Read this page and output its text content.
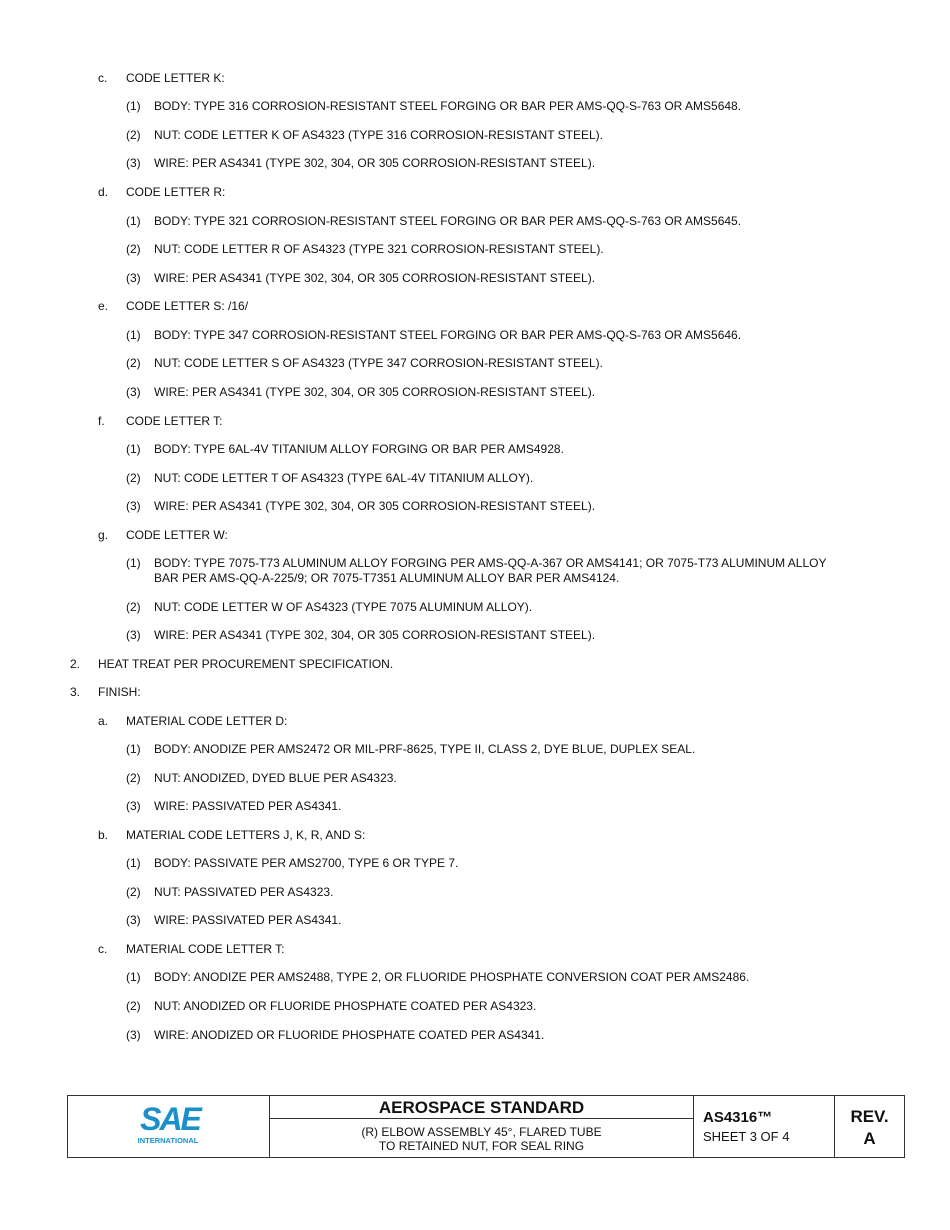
c. CODE LETTER K:
(1) BODY: TYPE 316 CORROSION-RESISTANT STEEL FORGING OR BAR PER AMS-QQ-S-763 OR AMS5648.
(2) NUT: CODE LETTER K OF AS4323 (TYPE 316 CORROSION-RESISTANT STEEL).
(3) WIRE: PER AS4341 (TYPE 302, 304, OR 305 CORROSION-RESISTANT STEEL).
d. CODE LETTER R:
(1) BODY: TYPE 321 CORROSION-RESISTANT STEEL FORGING OR BAR PER AMS-QQ-S-763 OR AMS5645.
(2) NUT: CODE LETTER R OF AS4323 (TYPE 321 CORROSION-RESISTANT STEEL).
(3) WIRE: PER AS4341 (TYPE 302, 304, OR 305 CORROSION-RESISTANT STEEL).
e. CODE LETTER S: /16/
(1) BODY: TYPE 347 CORROSION-RESISTANT STEEL FORGING OR BAR PER AMS-QQ-S-763 OR AMS5646.
(2) NUT: CODE LETTER S OF AS4323 (TYPE 347 CORROSION-RESISTANT STEEL).
(3) WIRE: PER AS4341 (TYPE 302, 304, OR 305 CORROSION-RESISTANT STEEL).
f. CODE LETTER T:
(1) BODY: TYPE 6AL-4V TITANIUM ALLOY FORGING OR BAR PER AMS4928.
(2) NUT: CODE LETTER T OF AS4323 (TYPE 6AL-4V TITANIUM ALLOY).
(3) WIRE: PER AS4341 (TYPE 302, 304, OR 305 CORROSION-RESISTANT STEEL).
g. CODE LETTER W:
(1) BODY: TYPE 7075-T73 ALUMINUM ALLOY FORGING PER AMS-QQ-A-367 OR AMS4141; OR 7075-T73 ALUMINUM ALLOY
BAR PER AMS-QQ-A-225/9; OR 7075-T7351 ALUMINUM ALLOY BAR PER AMS4124.
(2) NUT: CODE LETTER W OF AS4323 (TYPE 7075 ALUMINUM ALLOY).
(3) WIRE: PER AS4341 (TYPE 302, 304, OR 305 CORROSION-RESISTANT STEEL).
2. HEAT TREAT PER PROCUREMENT SPECIFICATION.
3. FINISH:
a. MATERIAL CODE LETTER D:
(1) BODY: ANODIZE PER AMS2472 OR MIL-PRF-8625, TYPE II, CLASS 2, DYE BLUE, DUPLEX SEAL.
(2) NUT: ANODIZED, DYED BLUE PER AS4323.
(3) WIRE: PASSIVATED PER AS4341.
b. MATERIAL CODE LETTERS J, K, R, AND S:
(1) BODY: PASSIVATE PER AMS2700, TYPE 6 OR TYPE 7.
(2) NUT: PASSIVATED PER AS4323.
(3) WIRE: PASSIVATED PER AS4341.
c. MATERIAL CODE LETTER T:
(1) BODY: ANODIZE PER AMS2488, TYPE 2, OR FLUORIDE PHOSPHATE CONVERSION COAT PER AMS2486.
(2) NUT: ANODIZED OR FLUORIDE PHOSPHATE COATED PER AS4323.
(3) WIRE: ANODIZED OR FLUORIDE PHOSPHATE COATED PER AS4341.
SAE
INTERNATIONAL
AEROSPACE STANDARD
(R) ELBOW ASSEMBLY 45°, FLARED TUBE
TO RETAINED NUT, FOR SEAL RING
AS4316™
SHEET 3 OF 4
REV.
A
